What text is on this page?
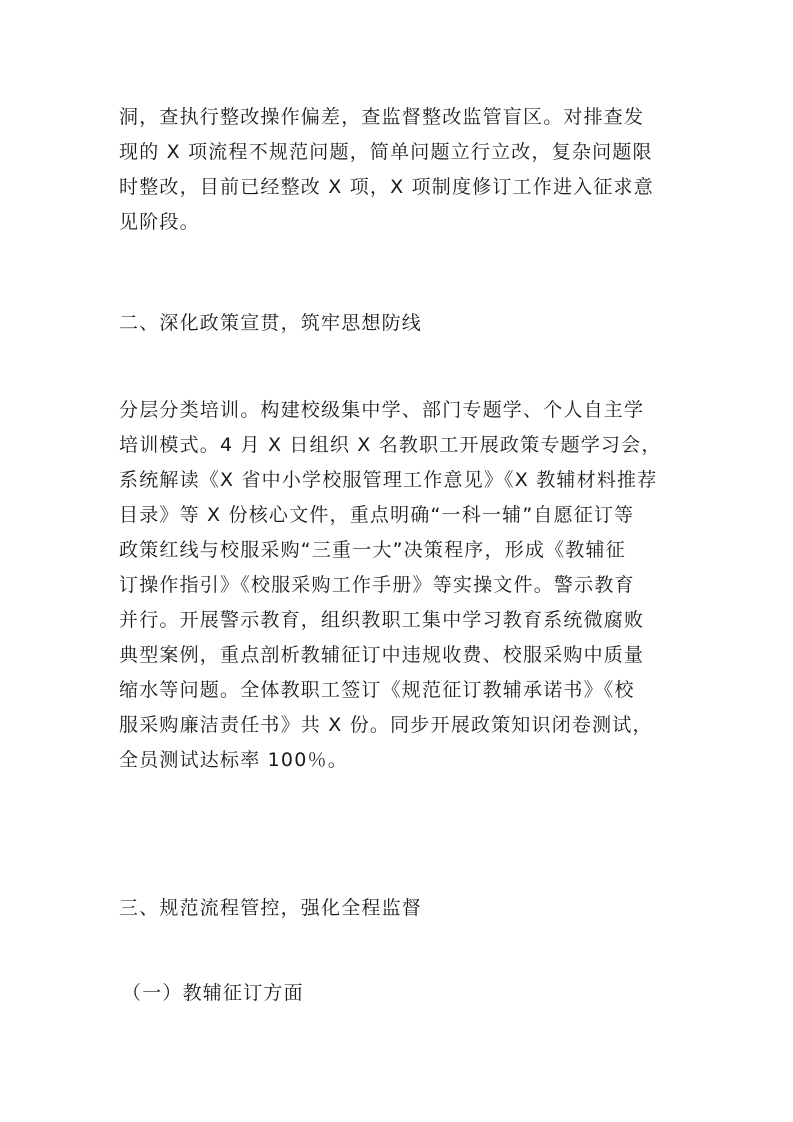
洞，查执行整改操作偏差，查监督整改监管盲区。对排查发
现的 X 项流程不规范问题，简单问题立行立改，复杂问题限
时整改，目前已经整改 X 项，X 项制度修订工作进入征求意
见阶段。
二、深化政策宣贯，筑牢思想防线
分层分类培训。构建校级集中学、部门专题学、个人自主学
培训模式。4 月 X 日组织 X 名教职工开展政策专题学习会，
系统解读《X 省中小学校服管理工作意见》《X 教辅材料推荐
目录》等 X 份核心文件，重点明确“一科一辅”自愿征订等
政策红线与校服采购“三重一大”决策程序，形成《教辅征
订操作指引》《校服采购工作手册》等实操文件。警示教育
并行。开展警示教育，组织教职工集中学习教育系统微腐败
典型案例，重点剖析教辅征订中违规收费、校服采购中质量
缩水等问题。全体教职工签订《规范征订教辅承诺书》《校
服采购廉洁责任书》共 X 份。同步开展政策知识闭卷测试，
全员测试达标率 100％。
三、规范流程管控，强化全程监督
（一）教辅征订方面
